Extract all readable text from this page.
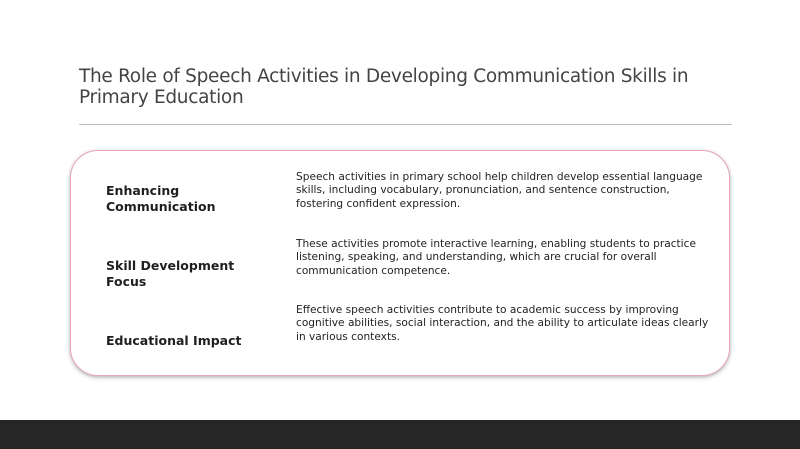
The Role of Speech Activities in Developing Communication Skills in Primary Education
Enhancing Communication
Speech activities in primary school help children develop essential language skills, including vocabulary, pronunciation, and sentence construction, fostering confident expression.
Skill Development Focus
These activities promote interactive learning, enabling students to practice listening, speaking, and understanding, which are crucial for overall communication competence.
Educational Impact
Effective speech activities contribute to academic success by improving cognitive abilities, social interaction, and the ability to articulate ideas clearly in various contexts.
